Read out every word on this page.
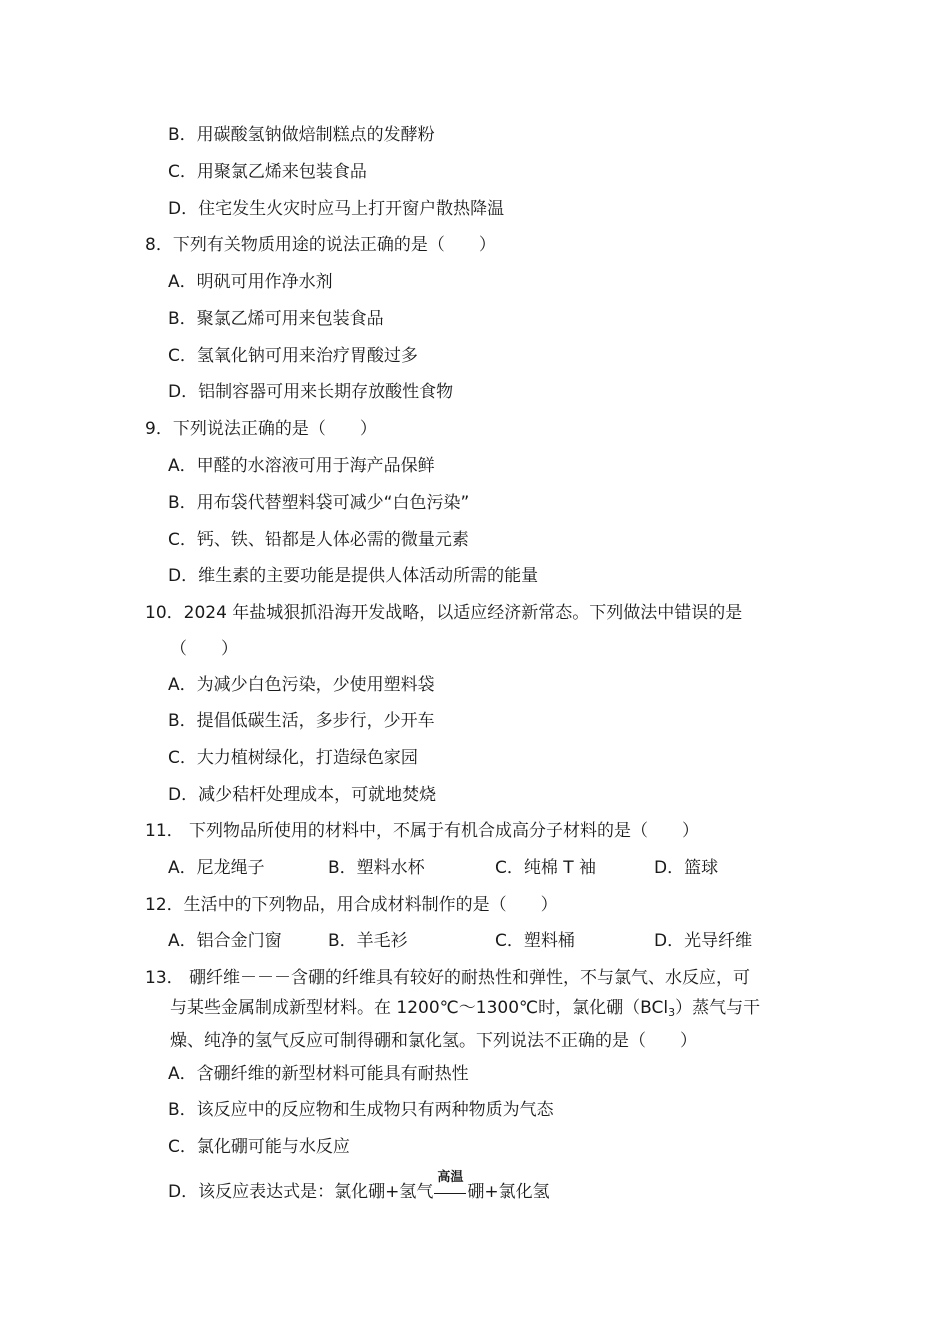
B．用碳酸氢钠做焙制糕点的发酵粉
C．用聚氯乙烯来包装食品
D．住宅发生火灾时应马上打开窗户散热降温
8．下列有关物质用途的说法正确的是（　　）
A．明矾可用作净水剂
B．聚氯乙烯可用来包装食品
C．氢氧化钠可用来治疗胃酸过多
D．铝制容器可用来长期存放酸性食物
9．下列说法正确的是（　　）
A．甲醛的水溶液可用于海产品保鲜
B．用布袋代替塑料袋可减少“白色污染”
C．钙、铁、铅都是人体必需的微量元素
D．维生素的主要功能是提供人体活动所需的能量
10．2024 年盐城狠抓沿海开发战略，以适应经济新常态。下列做法中错误的是
（　　）
A．为减少白色污染，少使用塑料袋
B．提倡低碳生活，多步行，少开车
C．大力植树绿化，打造绿色家园
D．减少秸杆处理成本，可就地焚烧
11． 下列物品所使用的材料中，不属于有机合成高分子材料的是（　　）
A．尼龙绳子	B．塑料水杯	C．纯棉 T 袖	D．篮球
12．生活中的下列物品，用合成材料制作的是（　　）
A．铝合金门窗	B．羊毛衫	C．塑料桶	D．光导纤维
13． 硼纤维－－－含硼的纤维具有较好的耐热性和弹性，不与氯气、水反应，可
与某些金属制成新型材料。在 1200℃～1300℃时，氯化硼（BCl$_3$）蒸气与干
燥、纯净的氢气反应可制得硼和氯化氢。下列说法不正确的是（　　）
A．含硼纤维的新型材料可能具有耐热性
B．该反应中的反应物和生成物只有两种物质为气态
C．氯化硼可能与水反应
D．该反应表达式是：氯化硼+氢气
高温
硼+氯化氢
